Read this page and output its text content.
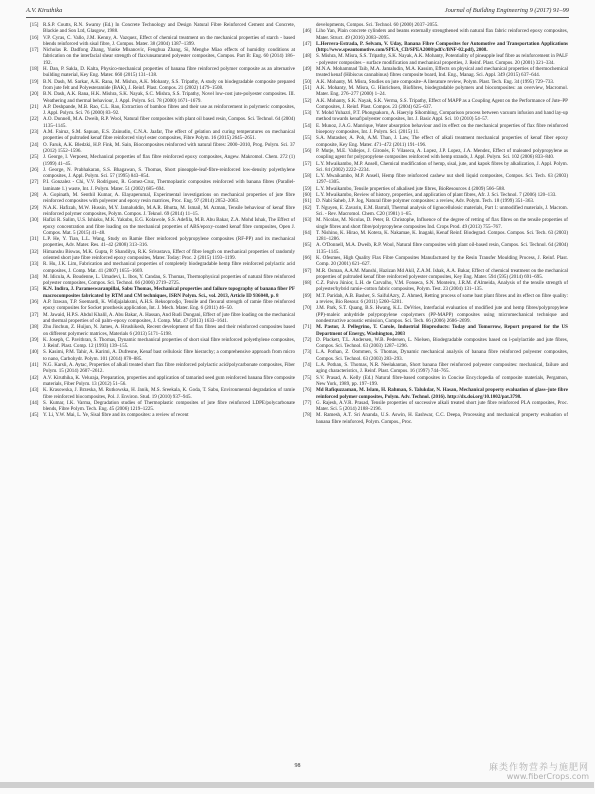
A.V. Kiruthika	Journal of Building Engineering 9 (2017) 91–99
[15] R.S.P. Coutts, R.N. Swamy (Ed.) In Concrete Technology and Design Natural Fibre Reinforced Cement and Concrete, Blackie and Son Ltd, Glasgow, 1988.
[16] V.P. Cyras, C. Vallo, J.M. Kenny, A. Vazquez, Effect of chemical treatment on the mechanical properties of starch - based blends reinforced with sisal fibre, J. Compos. Mater. 38 (2004) 1387–1399.
[17] Nicholas R. Dadfong Zhang, Yunke Mlsanovic, Fenghua Zhang, Si, Menghe Miao effects of humidity conditions at fabrication on the interfacial shear strength of flax/unsaturated polyester composites, Compos. Part B: Eng. 60 (2014) 186–192.
[18] H. Dan, P. Sakla, D. Kalta, Physico-mechanical properties of banana fibre reinforced polymer composite as an alternative building material, Key Eng. Mater. 660 (2015) 131–138.
[19] B.N. Dash, M. Sarkar, A.K. Rana, M. Mishra, A.K. Mohanty, S.S. Tripathy, A study on biodegradable composite prepared from jute felt and Polyesteramide (BAK), J. Reinf. Plast. Compos. 21 (2002) 1479–1508.
[20] B.N. Dash, A.K. Rana, H.K. Mishra, S.K. Nayak, S.C. Mishra, S.S. Tripathy, Novel low-cost jute-polyester composites. III. Weathering and thermal behaviour, J. Appl. Polym. Sci. 78 (2000) 1671–1679.
[21] A.P. Deshpande, M.B. Rao, C.L. Rao, Extraction of bamboo fibres and their use as reinforcement in polymeric composites, J. Appl. Polym. Sci. 76 (2000) 83–92.
[22] A.O. Donnell, M.A. Dweib, R.P. Wool, Natural fiber composites with plant oil based resin, Compos. Sci. Technol. 64 (2004) 1135–1145.
[23] A.M. Fairuz, S.M. Sapuan, E.S. Zainudin, C.N.A. Jaafar, The effect of gelation and curing temperatures on mechanical properties of pultruded kenaf fibre reinforced vinyl ester composites, Fibre Polym. 16 (2015) 2645–2651.
[24] O. Faruk, A.K. Bledzki, H.P. Fink, M. Sain, Biocomposites reinforced with natural fibres: 2000–2010, Prog. Polym. Sci. 37 (2012) 1552–1596.
[25] J. George, I. Verpoest, Mechanical properties of flax fibre reinforced epoxy composites, Angew. Makromol. Chem. 272 (1) (1999) 41–45.
[26] J. George, N. Prabhakaran, S.S. Bhagawan, S. Thomas, Short pineapple-leaf-fibre-reinforced low-density polyethylene composites, J. Appl. Polym. Sci. 57 (1995) 843–854.
[27] P.I. Gonzalez - Chi, V.V. Rodriguez, R. Gomez-Cruz, Thermoplastic composites reinforced with banana fibres (Parallel-laminate 1.) waste, Int. J. Polym. Mater. 51 (2002) 685–694.
[28] A. Gopinath, M. Senthil Kumar, A. Elayaperumal, Experimental investigations on mechanical properties of jute fibre reinforced composites with polyester and epoxy resin matrices, Proc. Eng. 97 (2014) 2052–2063.
[29] N.A.K. Hafizah, M.W. Hussin, M.Y. Jamaluddin, M.A.R. Bhutta, M. Ismail, M. Azman, Tensile behaviour of kenaf fibre reinforced polymer composites, Polym. Compos. J. Teknol. 69 (2014) 11–15.
[30] Hafizi R. Salim, U.S. Ishiaku, M.K. Yakubu, E.G. Kolawole, S.S. Adefila, M.B. Abu Bakar, Z.A. Mohd Ishak, The Effect of epoxy concentration and fibre loading on the mechanical properties of ABS/epoxy-coated kenaf fibre composites, Open J. Compos. Mat. 5 (2015) 41–48.
[31] L.P. He, Y. Tian, L.L. Wang, Study on Ramie fiber reinforced polypropylene composites (RF-PP) and its mechanical properties, Adv. Mater. Res. 41–42 (2008) 313–316.
[32] Himanshu Biswas, M.K. Gupta, P. Shandilya, R.K. Srivastava, Effect of fibre length on mechanical properties of randomly oriented short jute fibre reinforced epoxy composites, Mater. Today: Proc. 2 (2015) 1193–1199.
[33] R. Hu, J.K. Lim, Fabrication and mechanical properties of completely biodegradable hemp fibre reinforced polylactic acid composites, J. Comp. Mat. 41 (2007) 1655–1669.
[34] M. Idicula, A. Boudenne, L. Umadevi, L. Ibos, Y. Candau, S. Thomas, Thermophysical properties of natural fibre reinforced polyester composites, Compos. Sci. Technol. 66 (2006) 2719–2725.
[35] K.N. Indira, J. Parameswaranpillai, Sabu Thomas, Mechanical properties and failure topography of banana fiber PF macrocomposites fabricated by RTM and CM techniques, ISRN Polym. Sci., vol. 2013, Article ID 936048, p. 8
[36] A.P. Irawan, T.P. Soemardi, K. Widjajalaksmi, A.H.S. Reksoprodjo, Tensile and flexural strength of ramie fibre reinforced epoxy composites for Socket prosthesis application, Int. J. Mech. Mater. Eng. 6 (2011) 46–50.
[37] M. Jawaid, H.P.S. Abdul Khalil, A. Abu Bakar, A. Hassan, And Rudi Dungani, Effect of jute fibre loading on the mechanical and thermal properties of oil palm–epoxy composites, J. Comp. Mat. 47 (2013) 1633–1641.
[38] Zhu Jinchun, Z. Huijun, N. James, A. Hrushikesh, Recent development of flax fibres and their reinforced composites based on different polymeric matrices, Materials 6 (2013) 5171–5198.
[39] K. Joseph, C. Pavithran, S. Thomas, Dynamic mechanical properties of short sisal fibre reinforced polyethylene composites, J. Reinf. Plast. Comp. 12 (1993) 139–155.
[40] S. Kasimi, P.M. Tahir, A. Karimi, A. Dufresne, Kenaf bast cellulosic fibre hierarchy; a comprehensive approach from micro to nano, Carbohydr. Polym. 101 (2014) 878–885.
[41] N.G. Karsli, A. Aytac, Properties of alkali treated short flax fibre reinforced polylactic acid/polycarbonate composites, Fiber Polym. 15 (2014) 2607–2612.
[42] A.V. Kiruthika, K. Veluraja, Preparation, properties and application of tamarind seed gum reinforced banana fibre composite materials, Fiber Polym. 13 (2012) 51–56.
[43] K. Krasowska, J. Brzeska, M. Rutkowska, H. Janik, M.S. Sreekala, K. Goda, T. Sabu, Environmental degradation of ramie fibre reinforced biocomposites, Pol. J. Environ. Stud. 19 (2010) 937–945.
[44] S. Kumar, I.K. Varma, Degradation studies of Thermoplastic composites of jute fibre reinforced LDPE/polycarbonate blends, Fibre Polym. Tech. Eng. 45 (2006) 1219–1225.
[45] Y. Li, Y.W. Mai, L. Ye, Sisal fibre and its composites: a review of recent
developments, Compos. Sci. Technol. 60 (2000) 2037–2055.
[46] Liho Yan, Plain concrete cylinders and beams externally strengthened with natural flax fabric reinforced epoxy composites, Mater. Struct. 49 (2016) 2083–2095.
[47] L.Herrera-Estrada, P. Selvam, V. Uday, Banana Fibre Composites for Automotive and Transportation Applications (http://www.speautomotive.com/SPEA_CD/SPEA2008/pdf/c/BNF-02.pdf), 2008.
[48] S. Mishra, M. Misra, S.S. Tripathy, S.K. Nayak, A.K. Mohanty, Potentiality of pineapple leaf fibre as reinforcement in PALF - polyester composites – surface modification and mechanical properties, J. Reinf. Plast. Compos. 20 (2001) 321–334.
[49] M.N.A. Mohammad Taib, M.A. Jamaludin, M.A. Kassim, Effects on physical and mechanical properties of thermochemical treated kenaf (Hibiscus cannabinus) fibres composite board, Ind. Eng., Manag. Sci. Appl. 349 (2015) 637–644.
[50] A.K. Mohanty, M. Misra, Studies on jute composite–A literature review, Polym. Plast. Tech. Eng. 34 (1995) 729–733.
[51] A.K. Mohanty, M. Misra, G. Hinrichsen, Biofibres, biodegradable polymers and biocomposites: an overview, Macromol. Mater. Eng. 276–277 (2000) 1–24.
[52] A.K. Mohanty, S.K. Nayak, S.K. Verma, S.S. Tripathy, Effect of MAPP as a Coupling Agent on the Performance of Jute–PP Composites, J. Reinf. Plast. Compos. 23 (2004) 625–637.
[53] Y. Mohd Yuhazri, P.T. Phongsakorn, A. Haeryip Sihombing, Comparison process between vacuum infusion and hand lay-up method towards kenaf/polyester composites, Int. J. Basic Appl. Sci. 10 (2010) 54–57.
[54] E. Munoz, J.A.G. Manrique, Water absorption behaviour and its effect on the mechanical properties of flax fibre reinforced bioepoxy composites, Int. J. Polym. Sci. (2015) 11.
[55] S.A. Mutasher, A. Poh, A.M. Than, J. Law, The effect of alkali treatment mechanical properties of kenaf fiber epoxy composite, Key Eng. Mater. 471–472 (2011) 191–196.
[56] P. Mutje, M.E. Vallejos, J. Gironès, F. Vilaseca, A. Lopez, J.P. Lopez, J.A. Mendez, Effect of maleated polypropylene as coupling agent for polypropylene composites reinforced with hemp strands, J. Appl. Polym. Sci. 102 (2006) 833–840.
[57] L.Y. Mwaikambo, M.P. Ansell, Chemical modification of hemp, sisal, jute, and kapok fibres by alkalization, J. Appl. Polym. Sci. 84 (2002) 2222–2234.
[58] L.Y. Mwaikambo, M.P. Ansell, Hemp fibre reinforced cashew nut shell liquid composites, Compos. Sci. Tech. 63 (2003) 1297–1305.
[59] L.Y. Mwaikambo, Tensile properties of alkalised jute fibres, BioResources 4 (2009) 566–588.
[60] L.Y. Mwaikambo, Review of history, properties, and application of plant fibres, Afr. J. Sci. Technol. 7 (2006) 120–133.
[61] D. Nabi Saheb, J.P. Jog, Natural fibre polymer composites: a review, Adv. Polym. Tech. 18 (1999) 351–363.
[62] T. Nguyen, E. Zavarin, E.M. Barrall, Thermal analysis of lignocellulosic materials, Part 1: unmodified materials, J. Macrom. Sci. - Rev. Macromol. Chem. C20 (1981) 1–65.
[63] M. Nicolas, M. Nicolas, D. Peter, B. Christophe, Influence of the degree of retting of flax fibres on the tensile properties of single fibres and short fibre/polypropylene composites Ind. Crops Prod. 49 (2013) 755–767.
[64] T. Nishino, K. Hirao, M. Kotera, K. Nakamae, K. Inagaki, Kenaf Reinf. Biodegrad. Compos. Compos. Sci. Tech. 63 (2003) 1281–1286.
[65] A. O'Donnell, M.A. Dweib, R.P. Wool, Natural fibre composites with plant oil-based resin, Compos. Sci. Technol. 64 (2004) 1135–1145.
[66] K. Ofesmes, High Quality Flax Fibre Composites Manufactured by the Resin Transfer Moulding Process, J. Reinf. Plast. Comp. 20 (2001) 621–627.
[67] M.R. Osman, A.A.M. Manshi, Hazizan Md Akil, Z.A.M. Ishak, A.A. Bakar, Effect of chemical treatment on the mechanical properties of pultruded kenaf fibre reinforced polyester composites, Key Eng. Mater. 594 (595) (2014) 691–695.
[68] C.Z. Paiva Júnior, L.H. de Carvalho, V.M. Fonseca, S.N. Monteiro, J.R.M. d'Almeida, Analysis of the tensile strength of polyester/hybrid ramie–cotton fabric composites, Polym. Test. 23 (2004) 131–135.
[69] M.T. Paridah, A.B. Basher, S. SaifulAzry, Z. Ahmed, Retting process of some bast plant fibres and its effect on fibre quality: a review, Bio Resour. 6 (2011) 5260–5281.
[70] J.M. Park, S.T. Quang, B.S. Hwang, K.L. DeVries, Interfacial evaluation of modified jute and hemp fibres/polypropylene (PP)-maleic anhydride polypropylene copolymers (PP-MAPP) composites using micromechanical technique and nondestructive acoustic emission, Compos. Sci. Tech. 66 (2006) 2686–2699.
[71] M. Pastor, J. Pellegrino, T. Carole, Industrial Bioproducts: Today and Tomorrow, Report prepared for the US Department of Energy, Washington, 2003
[72] D. Plackett, T.L. Andersen, W.B. Pedersen, L. Nielsen, Biodegradable composites based on l-polylactide and jute fibres, Compos. Sci. Technol. 63 (2003) 1287–1296.
[73] L.A. Pothan, Z. Oommen, S. Thomas, Dynamic mechanical analysis of banana fibre reinforced polyester composites, Compos. Sci. Technol. 63 (2003) 283–293.
[74] L.A. Pothan, S. Thomas, N.R. Neelakantan, Short banana fiber reinforced polyester composites: mechanical, failure and aging characteristics, J. Reinf. Plast. Compos. 16 (1997) 744–765.
[75] S.V. Prasad, A. Kelly (Ed.) Natural fibre-based composites in Concise Encyclopedia of composite materials, Pergamon, New York, 1989, pp. 197–199.
[76] Md Rafiquzzaman, M. Islam, H. Rahman, S. Talukdar, N. Hasan, Mechanical property evaluation of glass–jute fibre reinforced polymer composites, Polym. Adv. Technol. (2016). http://dx.doi.org/10.1002/pat.3798.
[77] G. Rajesh, A.V.R. Prasad, Tensile properties of successive alkali treated short jute fibre reinforced PLA composites, Proc. Mater. Sci. 5 (2014) 2188–2196.
[78] M. Ramesh, A.T. Sri Ananda, U.S. Aswin, H. Eashwar, C.C. Deepa, Processing and mechanical property evaluation of banana fibre reinforced, Polym. Compos., Proc.
98	麻类作物营养与施肥网
www.fiberCrops.com
